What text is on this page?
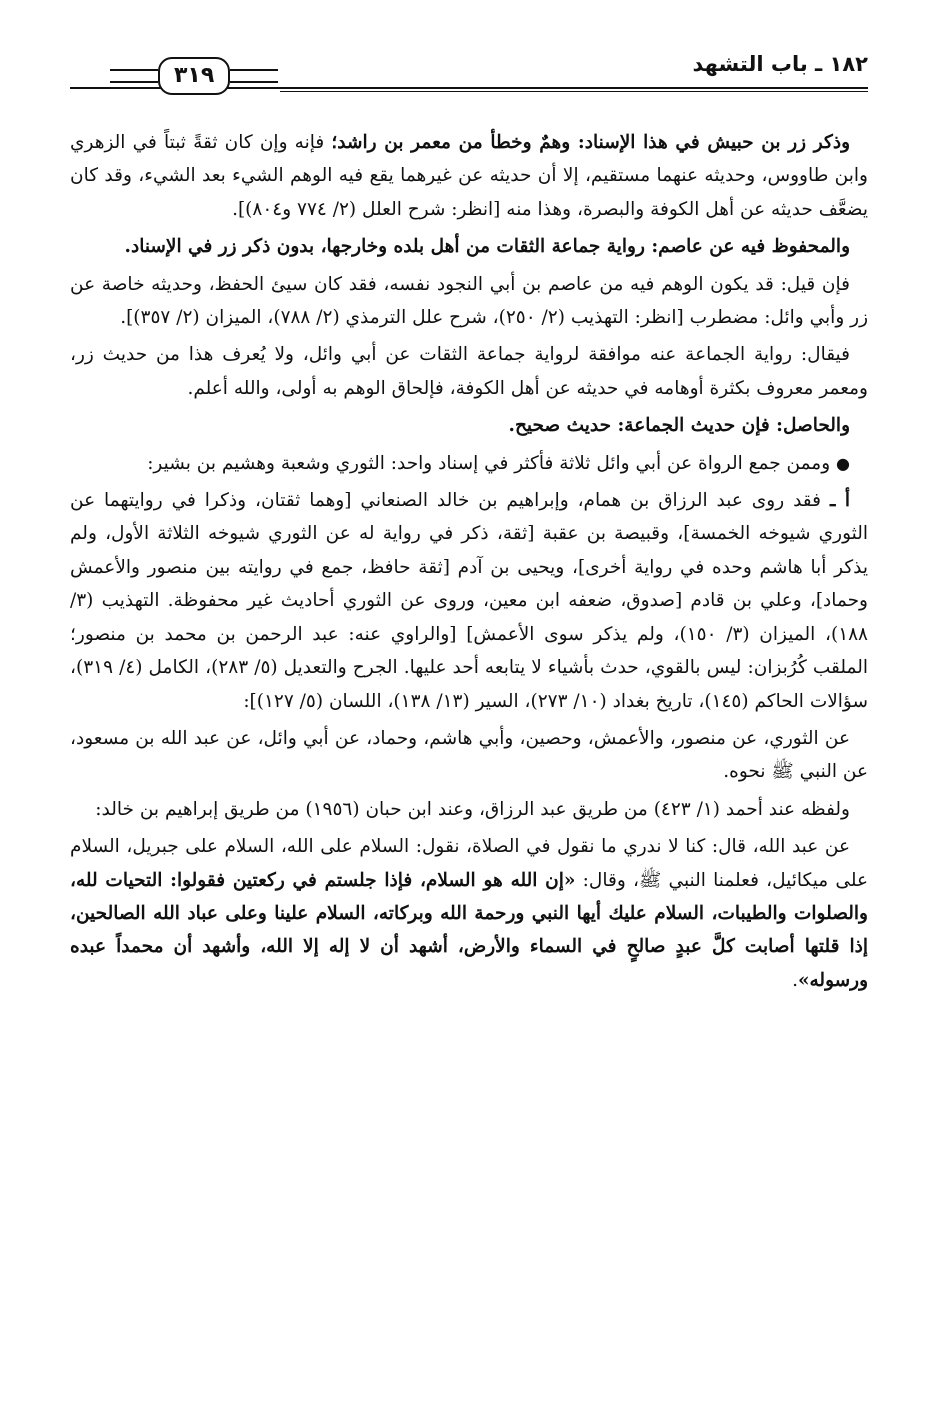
١٨٢ ـ باب التشهد
٣١٩

وذكر زر بن حبيش في هذا الإسناد: وهمٌ وخطأ من معمر بن راشد؛ فإنه وإن كان ثقةً ثبتاً في الزهري وابن طاووس، وحديثه عنهما مستقيم، إلا أن حديثه عن غيرهما يقع فيه الوهم الشيء بعد الشيء، وقد كان يضعَّف حديثه عن أهل الكوفة والبصرة، وهذا منه [انظر: شرح العلل (٢/ ٧٧٤ و٨٠٤)].

والمحفوظ فيه عن عاصم: رواية جماعة الثقات من أهل بلده وخارجها، بدون ذكر زر في الإسناد.

فإن قيل: قد يكون الوهم فيه من عاصم بن أبي النجود نفسه، فقد كان سيئ الحفظ، وحديثه خاصة عن زر وأبي وائل: مضطرب [انظر: التهذيب (٢/ ٢٥٠)، شرح علل الترمذي (٢/ ٧٨٨)، الميزان (٢/ ٣٥٧)].

فيقال: رواية الجماعة عنه موافقة لرواية جماعة الثقات عن أبي وائل، ولا يُعرف هذا من حديث زر، ومعمر معروف بكثرة أوهامه في حديثه عن أهل الكوفة، فإلحاق الوهم به أولى، والله أعلم.

والحاصل: فإن حديث الجماعة: حديث صحيح.

● وممن جمع الرواة عن أبي وائل ثلاثة فأكثر في إسناد واحد: الثوري وشعبة وهشيم بن بشير:

أ ـ فقد روى عبد الرزاق بن همام، وإبراهيم بن خالد الصنعاني [وهما ثقتان، وذكرا في روايتهما عن الثوري شيوخه الخمسة]، وقبيصة بن عقبة [ثقة، ذكر في رواية له عن الثوري شيوخه الثلاثة الأول، ولم يذكر أبا هاشم وحده في رواية أخرى]، ويحيى بن آدم [ثقة حافظ، جمع في روايته بين منصور والأعمش وحماد]، وعلي بن قادم [صدوق، ضعفه ابن معين، وروى عن الثوري أحاديث غير محفوظة. التهذيب (٣/ ١٨٨)، الميزان (٣/ ١٥٠)، ولم يذكر سوى الأعمش] [والراوي عنه: عبد الرحمن بن محمد بن منصور؛ الملقب كُرُبزان: ليس بالقوي، حدث بأشياء لا يتابعه أحد عليها. الجرح والتعديل (٥/ ٢٨٣)، الكامل (٤/ ٣١٩)، سؤالات الحاكم (١٤٥)، تاريخ بغداد (١٠/ ٢٧٣)، السير (١٣/ ١٣٨)، اللسان (٥/ ١٢٧)]:

عن الثوري، عن منصور، والأعمش، وحصين، وأبي هاشم، وحماد، عن أبي وائل، عن عبد الله بن مسعود، عن النبي ﷺ نحوه.

ولفظه عند أحمد (١/ ٤٢٣) من طريق عبد الرزاق، وعند ابن حبان (١٩٥٦) من طريق إبراهيم بن خالد:

عن عبد الله، قال: كنا لا ندري ما نقول في الصلاة، نقول: السلام على الله، السلام على جبريل، السلام على ميكائيل، فعلمنا النبي ﷺ، وقال: «إن الله هو السلام، فإذا جلستم في ركعتين فقولوا: التحيات لله، والصلوات والطيبات، السلام عليك أيها النبي ورحمة الله وبركاته، السلام علينا وعلى عباد الله الصالحين، إذا قلتها أصابت كلَّ عبدٍ صالحٍ في السماء والأرض، أشهد أن لا إله إلا الله، وأشهد أن محمداً عبده ورسوله».
